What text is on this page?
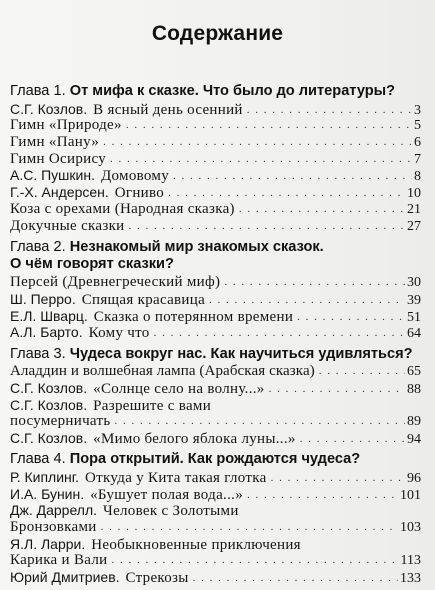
Содержание
Глава 1. От мифа к сказке. Что было до литературы?
С.Г. Козлов. В ясный день осенний . . .	3
Гимн «Природе» . . .	5
Гимн «Пану» . . .	6
Гимн Осирису . . .	7
А.С. Пушкин. Домовому . . .	8
Г.-Х. Андерсен. Огниво . . .	10
Коза с орехами (Народная сказка) . . .	21
Докучные сказки . . .	27
Глава 2. Незнакомый мир знакомых сказок.
О чём говорят сказки?
Персей (Древнегреческий миф) . . .	30
Ш. Перро. Спящая красавица . . .	39
Е.Л. Шварц. Сказка о потерянном времени . . .	51
А.Л. Барто. Кому что . . .	64
Глава 3. Чудеса вокруг нас. Как научиться удивляться?
Аладдин и волшебная лампа (Арабская сказка) . . .	65
С.Г. Козлов. «Солнце село на волну...» . . .	88
С.Г. Козлов. Разрешите с вами
посумерничать . . .	89
С.Г. Козлов. «Мимо белого яблока луны...» . . .	94
Глава 4. Пора открытий. Как рождаются чудеса?
Р. Киплинг. Откуда у Кита такая глотка . . .	96
И.А. Бунин. «Бушует полая вода...» . . .	101
Дж. Даррелл. Человек с Золотыми
Бронзовками . . .	103
Я.Л. Ларри. Необыкновенные приключения
Карика и Вали . . .	113
Юрий Дмитриев. Стрекозы . . .	133
